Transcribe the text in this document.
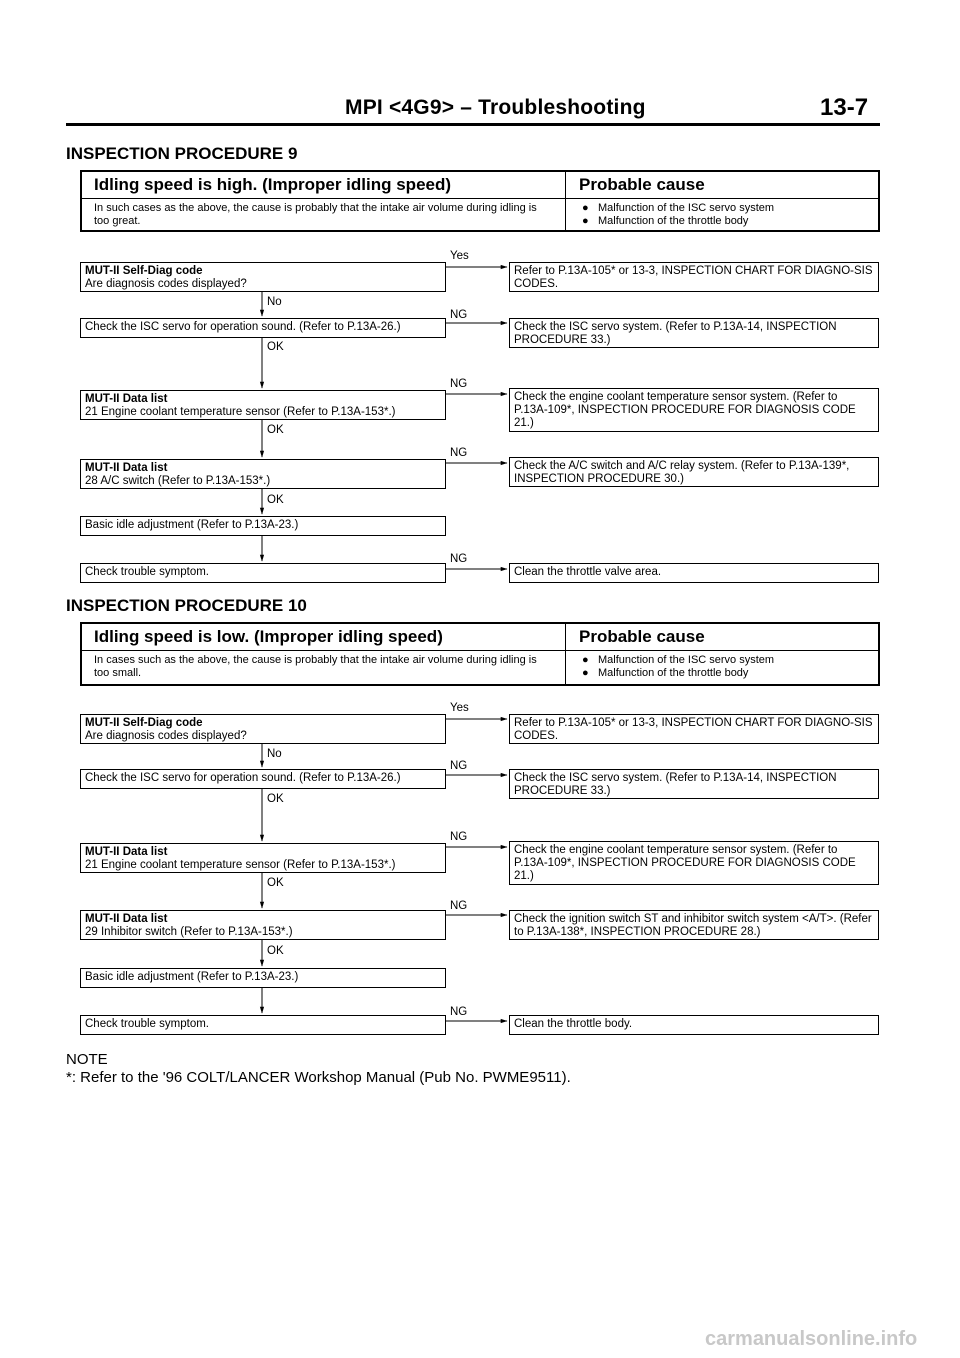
MPI <4G9> – Troubleshooting	13-7
INSPECTION PROCEDURE 9
Idling speed is high. (Improper idling speed)	Probable cause
In such cases as the above, the cause is probably that the intake air volume during idling is too great.
● Malfunction of the ISC servo system
● Malfunction of the throttle body
MUT-II Self-Diag code
Are diagnosis codes displayed?
Check the ISC servo for operation sound. (Refer to P.13A-26.)
MUT-II Data list
21 Engine coolant temperature sensor (Refer to P.13A-153*.)
MUT-II Data list
28 A/C switch (Refer to P.13A-153*.)
Basic idle adjustment (Refer to P.13A-23.)
Check trouble symptom.
Refer to P.13A-105* or 13-3, INSPECTION CHART FOR DIAGNO-SIS CODES.
Check the ISC servo system. (Refer to P.13A-14, INSPECTION PROCEDURE 33.)
Check the engine coolant temperature sensor system. (Refer to P.13A-109*, INSPECTION PROCEDURE FOR DIAGNOSIS CODE 21.)
Check the A/C switch and A/C relay system. (Refer to P.13A-139*, INSPECTION PROCEDURE 30.)
Clean the throttle valve area.
Yes
NG
NG
NG
NG
No
OK
OK
OK
INSPECTION PROCEDURE 10
Idling speed is low. (Improper idling speed)	Probable cause
In cases such as the above, the cause is probably that the intake air volume during idling is too small.
● Malfunction of the ISC servo system
● Malfunction of the throttle body
MUT-II Self-Diag code
Are diagnosis codes displayed?
Check the ISC servo for operation sound. (Refer to P.13A-26.)
MUT-II Data list
21 Engine coolant temperature sensor (Refer to P.13A-153*.)
MUT-II Data list
29 Inhibitor switch (Refer to P.13A-153*.)
Basic idle adjustment (Refer to P.13A-23.)
Check trouble symptom.
Refer to P.13A-105* or 13-3, INSPECTION CHART FOR DIAGNO-SIS CODES.
Check the ISC servo system. (Refer to P.13A-14, INSPECTION PROCEDURE 33.)
Check the engine coolant temperature sensor system. (Refer to P.13A-109*, INSPECTION PROCEDURE FOR DIAGNOSIS CODE 21.)
Check the ignition switch ST and inhibitor switch system <A/T>. (Refer to P.13A-138*, INSPECTION PROCEDURE 28.)
Clean the throttle body.
Yes
NG
NG
NG
NG
No
OK
OK
OK
NOTE
*: Refer to the '96 COLT/LANCER Workshop Manual (Pub No. PWME9511).
carmanualsonline.info
